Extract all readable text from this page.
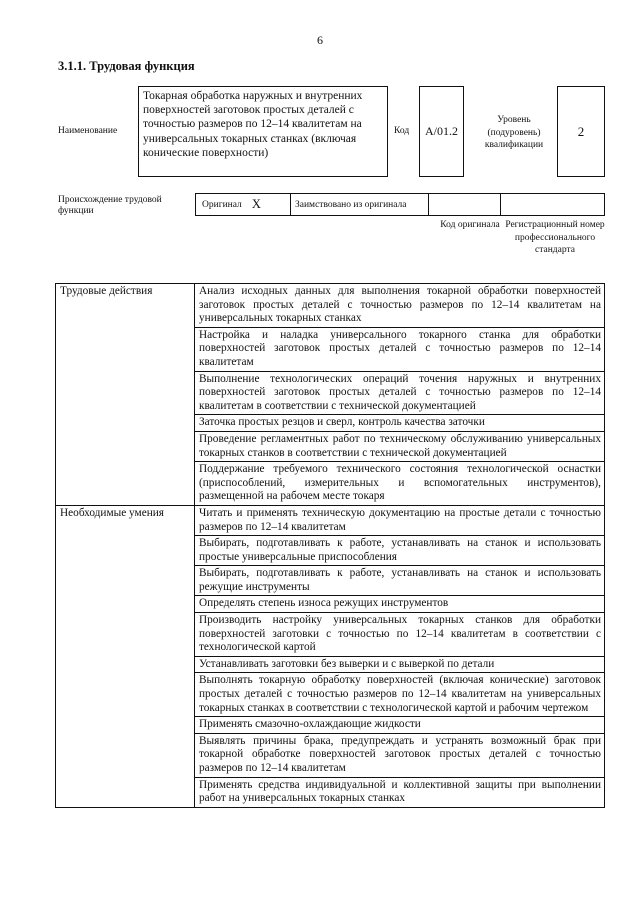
6
3.1.1. Трудовая функция
Наименование
Токарная обработка наружных и внутренних поверхностей заготовок простых деталей с точностью размеров по 12–14 квалитетам на универсальных токарных станках (включая конические поверхности)
Код	А/01.2
Уровень (подуровень) квалификации
2
Происхождение трудовой функции
Оригинал X	Заимствовано из оригинала
Код оригинала Регистрационный номер профессионального стандарта
Трудовые действия	Анализ исходных данных для выполнения токарной обработки поверхностей заготовок простых деталей с точностью размеров по 12–14 квалитетам на универсальных токарных станках
	Настройка и наладка универсального токарного станка для обработки поверхностей заготовок простых деталей с точностью размеров по 12–14 квалитетам
	Выполнение технологических операций точения наружных и внутренних поверхностей заготовок простых деталей с точностью размеров по 12–14 квалитетам в соответствии с технической документацией
	Заточка простых резцов и сверл, контроль качества заточки
	Проведение регламентных работ по техническому обслуживанию универсальных токарных станков в соответствии с технической документацией
	Поддержание требуемого технического состояния технологической оснастки (приспособлений, измерительных и вспомогательных инструментов), размещенной на рабочем месте токаря
Необходимые умения	Читать и применять техническую документацию на простые детали с точностью размеров по 12–14 квалитетам
	Выбирать, подготавливать к работе, устанавливать на станок и использовать простые универсальные приспособления
	Выбирать, подготавливать к работе, устанавливать на станок и использовать режущие инструменты
	Определять степень износа режущих инструментов
	Производить настройку универсальных токарных станков для обработки поверхностей заготовки с точностью по 12–14 квалитетам в соответствии с технологической картой
	Устанавливать заготовки без выверки и с выверкой по детали
	Выполнять токарную обработку поверхностей (включая конические) заготовок простых деталей с точностью размеров по 12–14 квалитетам на универсальных токарных станках в соответствии с технологической картой и рабочим чертежом
	Применять смазочно-охлаждающие жидкости
	Выявлять причины брака, предупреждать и устранять возможный брак при токарной обработке поверхностей заготовок простых деталей с точностью размеров по 12–14 квалитетам
	Применять средства индивидуальной и коллективной защиты при выполнении работ на универсальных токарных станках
